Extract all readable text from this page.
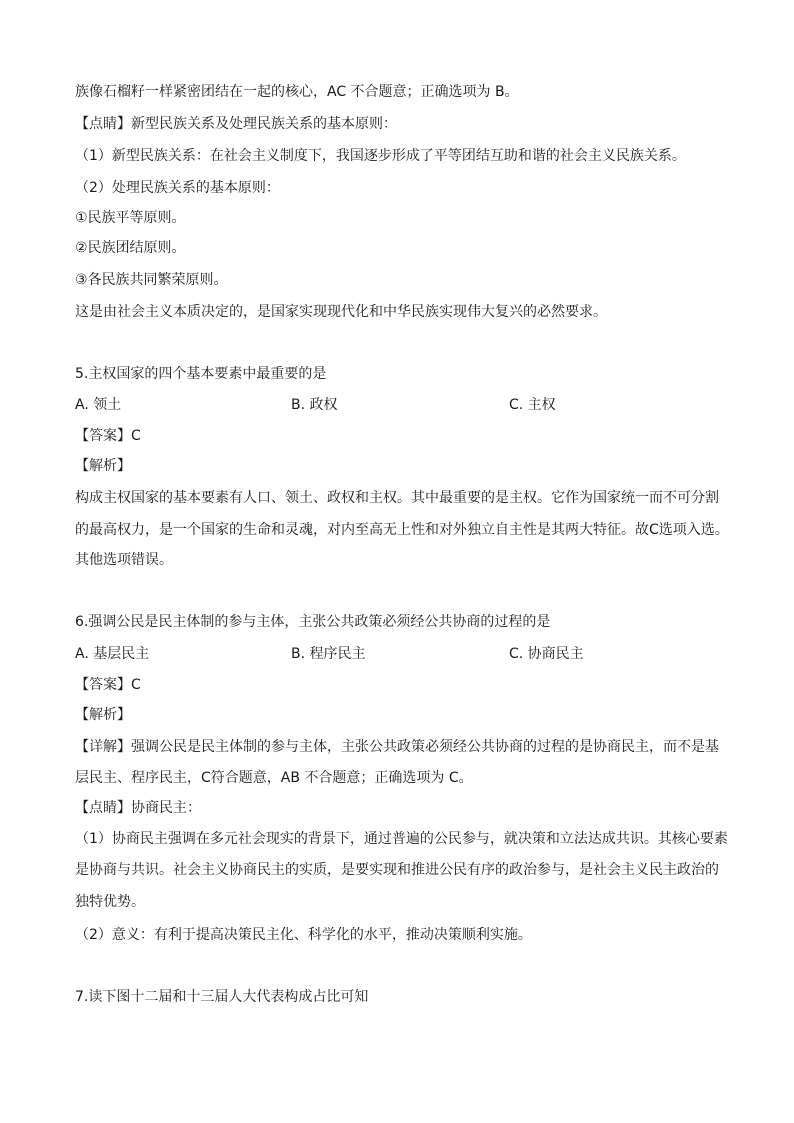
族像石榴籽一样紧密团结在一起的核心，AC 不合题意；正确选项为 B。
【点睛】新型民族关系及处理民族关系的基本原则：
（1）新型民族关系：在社会主义制度下，我国逐步形成了平等团结互助和谐的社会主义民族关系。
（2）处理民族关系的基本原则：
①民族平等原则。
②民族团结原则。
③各民族共同繁荣原则。
这是由社会主义本质决定的，是国家实现现代化和中华民族实现伟大复兴的必然要求。
5.主权国家的四个基本要素中最重要的是
A. 领土	B. 政权	C. 主权
【答案】C
【解析】
构成主权国家的基本要素有人口、领土、政权和主权。其中最重要的是主权。它作为国家统一而不可分割
的最高权力，是一个国家的生命和灵魂，对内至高无上性和对外独立自主性是其两大特征。故C选项入选。
其他选项错误。
6.强调公民是民主体制的参与主体，主张公共政策必须经公共协商的过程的是
A. 基层民主	B. 程序民主	C. 协商民主
【答案】C
【解析】
【详解】强调公民是民主体制的参与主体，主张公共政策必须经公共协商的过程的是协商民主，而不是基
层民主、程序民主，C符合题意，AB 不合题意；正确选项为 C。
【点睛】协商民主：
（1）协商民主强调在多元社会现实的背景下，通过普遍的公民参与，就决策和立法达成共识。其核心要素
是协商与共识。社会主义协商民主的实质，是要实现和推进公民有序的政治参与，是社会主义民主政治的
独特优势。
（2）意义：有利于提高决策民主化、科学化的水平，推动决策顺利实施。
7.读下图十二届和十三届人大代表构成占比可知
